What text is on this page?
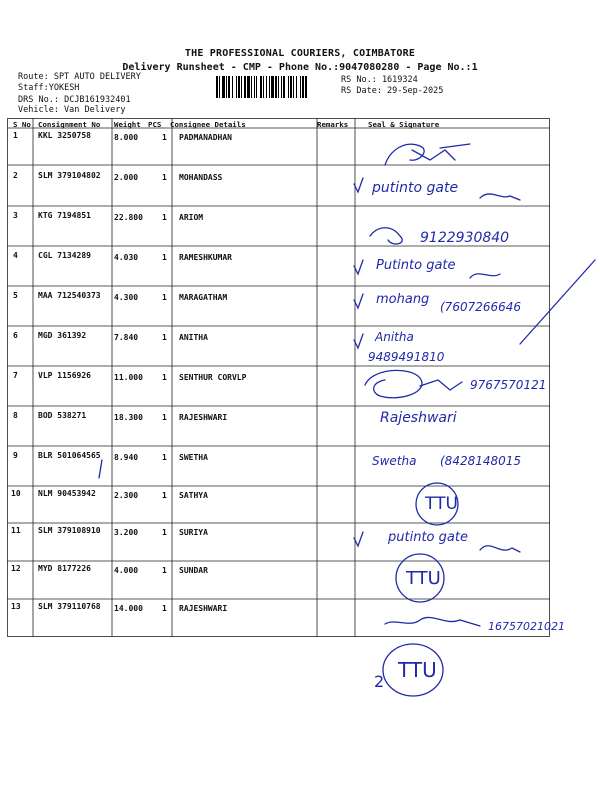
THE PROFESSIONAL COURIERS, COIMBATORE
Delivery Runsheet - CMP - Phone No.:9047080280 - Page No.:1
Route: SPT AUTO DELIVERY
Staff:YOKESH
DRS No.: DCJB161932401
Vehicle: Van Delivery
RS No.: 1619324
RS Date: 29-Sep-2025
S No Consignment No Weight PCS Consignee Details	Remarks	Seal & Signature
1	KKL 3250758	8.000	1 PADMANADHAN
2	SLM 379104802 2.000	1 MOHANDASS
3	KTG 7194851	22.800 1 ARIOM
4	CGL 7134289	4.030	1 RAMESHKUMAR
5	MAA 712540373 4.300	1 MARAGATHAM
6	MGD 361392	7.840	1 ANITHA
7	VLP 1156926	11.000 1 SENTHUR CORVLP
8	BOD 538271	18.300 1 RAJESHWARI
9	BLR 501064565 8.940	1 SWETHA
10 NLM 90453942 2.300	1 SATHYA
11 SLM 379108910 3.200	1 SURIYA
12 MYD 8177226	4.000	1 SUNDAR
13 SLM 379110768 14.000 1 RAJESHWARI
putinto gate
9122930840
Putinto gate
mohang (7607266646
Anitha
9489491810
9767570121
Rajeshwari
Swetha (8428148015
TTU
putinto gate
TTU
16757021021
2 TTU
